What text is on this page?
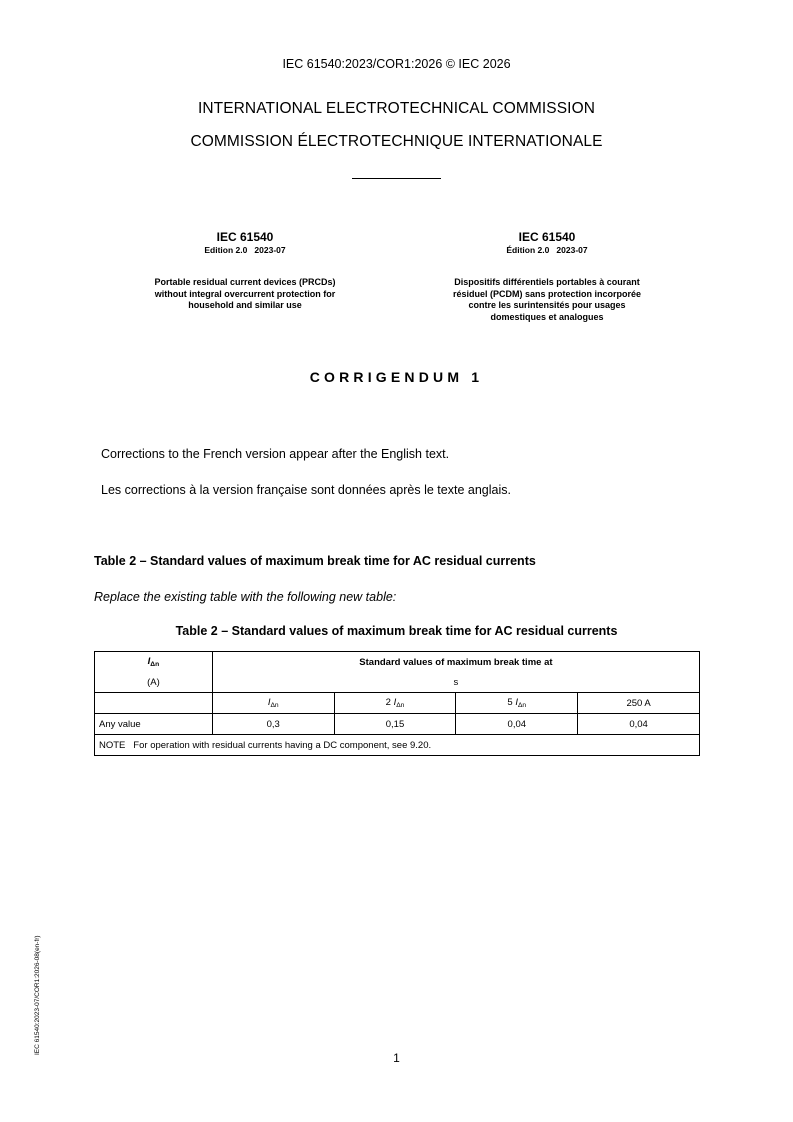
IEC 61540:2023/COR1:2026 © IEC 2026
INTERNATIONAL ELECTROTECHNICAL COMMISSION
COMMISSION ÉLECTROTECHNIQUE INTERNATIONALE
IEC 61540
Edition 2.0   2023-07
Portable residual current devices (PRCDs)
without integral overcurrent protection for
household and similar use
IEC 61540
Édition 2.0   2023-07
Dispositifs différentiels portables à courant
résiduel (PCDM) sans protection incorporée
contre les surintensités pour usages
domestiques et analogues
CORRIGENDUM 1
Corrections to the French version appear after the English text.
Les corrections à la version française sont données après le texte anglais.
Table 2 – Standard values of maximum break time for AC residual currents
Replace the existing table with the following new table:
Table 2 – Standard values of maximum break time for AC residual currents
$I_{\Delta n}$	Standard values of maximum break time at			
(A)	s			
	$I_{\Delta n}$	2 $I_{\Delta n}$	5 $I_{\Delta n}$	250 A
Any value	0,3	0,15	0,04	0,04
NOTE   For operation with residual currents having a DC component, see 9.20.				
IEC 61540:2023-07/COR1:2026-08(en-fr)
1
